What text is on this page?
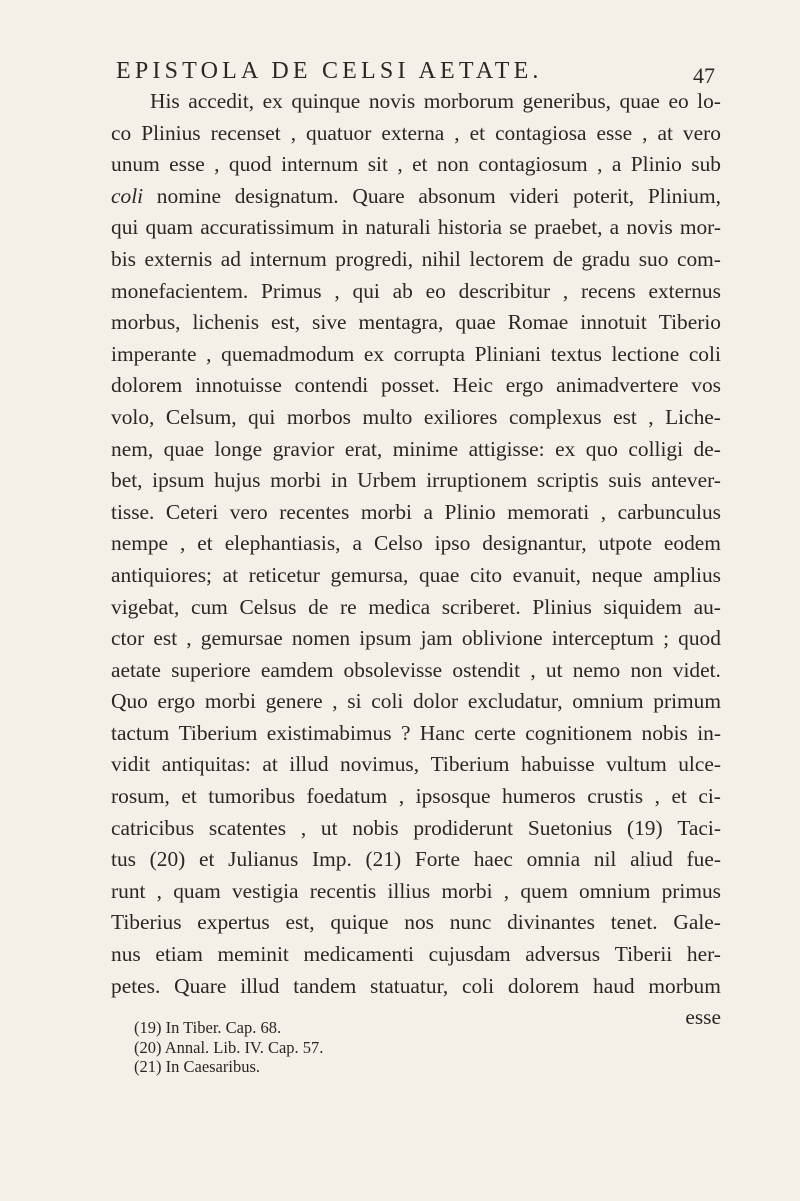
EPISTOLA DE CELSI AETATE.	47
His accedit, ex quinque novis morborum generibus, quae eo lo-
co Plinius recenset , quatuor externa , et contagiosa esse , at vero
unum esse , quod internum sit , et non contagiosum , a Plinio sub
coli nomine designatum. Quare absonum videri poterit, Plinium,
qui quam accuratissimum in naturali historia se praebet, a novis mor-
bis externis ad internum progredi, nihil lectorem de gradu suo com-
monefacientem. Primus , qui ab eo describitur , recens externus
morbus, lichenis est, sive mentagra, quae Romae innotuit Tiberio
imperante , quemadmodum ex corrupta Pliniani textus lectione coli
dolorem innotuisse contendi posset. Heic ergo animadvertere vos
volo, Celsum, qui morbos multo exiliores complexus est , Liche-
nem, quae longe gravior erat, minime attigisse: ex quo colligi de-
bet, ipsum hujus morbi in Urbem irruptionem scriptis suis antever-
tisse. Ceteri vero recentes morbi a Plinio memorati , carbunculus
nempe , et elephantiasis, a Celso ipso designantur, utpote eodem
antiquiores; at reticetur gemursa, quae cito evanuit, neque amplius
vigebat, cum Celsus de re medica scriberet. Plinius siquidem au-
ctor est , gemursae nomen ipsum jam oblivione interceptum ; quod
aetate superiore eamdem obsolevisse ostendit , ut nemo non videt.
Quo ergo morbi genere , si coli dolor excludatur, omnium primum
tactum Tiberium existimabimus ? Hanc certe cognitionem nobis in-
vidit antiquitas: at illud novimus, Tiberium habuisse vultum ulce-
rosum, et tumoribus foedatum , ipsosque humeros crustis , et ci-
catricibus scatentes , ut nobis prodiderunt Suetonius (19) Taci-
tus (20) et Julianus Imp. (21) Forte haec omnia nil aliud fue-
runt , quam vestigia recentis illius morbi , quem omnium primus
Tiberius expertus est, quique nos nunc divinantes tenet. Gale-
nus etiam meminit medicamenti cujusdam adversus Tiberii her-
petes. Quare illud tandem statuatur, coli dolorem haud morbum
esse
(19) In Tiber. Cap. 68.
(20) Annal. Lib. IV. Cap. 57.
(21) In Caesaribus.
